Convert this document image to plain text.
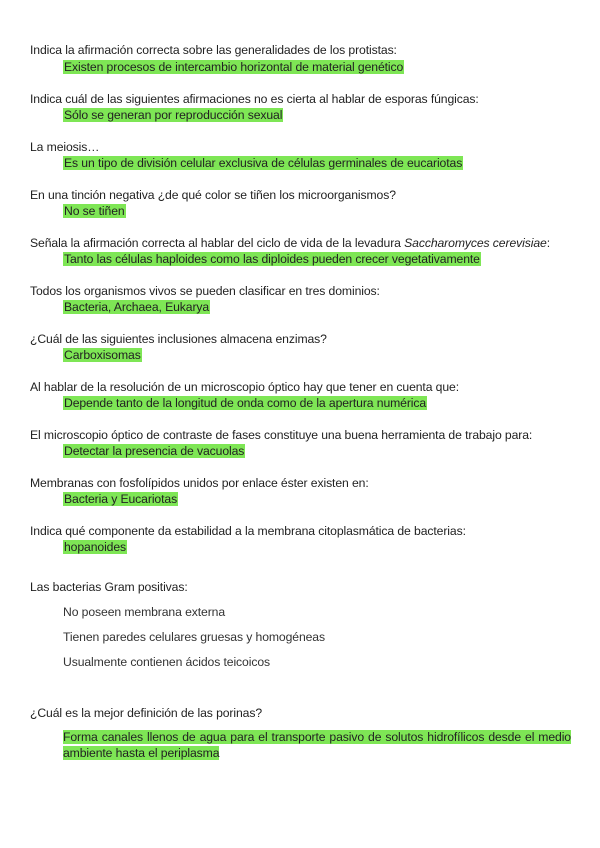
Indica la afirmación correcta sobre las generalidades de los protistas:
Existen procesos de intercambio horizontal de material genético
Indica cuál de las siguientes afirmaciones no es cierta al hablar de esporas fúngicas:
Sólo se generan por reproducción sexual
La meiosis…
Es un tipo de división celular exclusiva de células germinales de eucariotas
En una tinción negativa ¿de qué color se tiñen los microorganismos?
No se tiñen
Señala la afirmación correcta al hablar del ciclo de vida de la levadura Saccharomyces cerevisiae:
Tanto las células haploides como las diploides pueden crecer vegetativamente
Todos los organismos vivos se pueden clasificar en tres dominios:
Bacteria, Archaea, Eukarya
¿Cuál de las siguientes inclusiones almacena enzimas?
Carboxisomas
Al hablar de la resolución de un microscopio óptico hay que tener en cuenta que:
Depende tanto de la longitud de onda como de la apertura numérica
El microscopio óptico de contraste de fases constituye una buena herramienta de trabajo para:
Detectar la presencia de vacuolas
Membranas con fosfolípidos unidos por enlace éster existen en:
Bacteria y Eucariotas
Indica qué componente da estabilidad a la membrana citoplasmática de bacterias:
hopanoides
Las bacterias Gram positivas:
No poseen membrana externa
Tienen paredes celulares gruesas y homogéneas
Usualmente contienen ácidos teicoicos
¿Cuál es la mejor definición de las porinas?
Forma canales llenos de agua para el transporte pasivo de solutos hidrofílicos desde el medio ambiente hasta el periplasma
